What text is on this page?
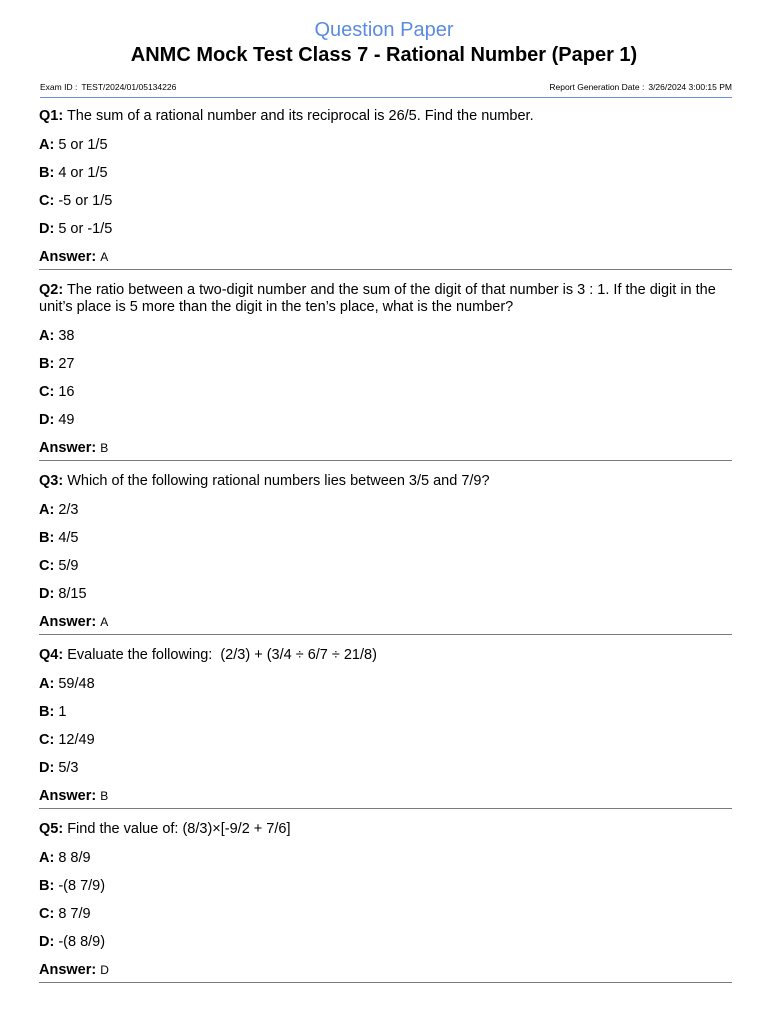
Question Paper

ANMC Mock Test Class 7 - Rational Number (Paper 1)

Exam ID : TEST/2024/01/05134226	Report Generation Date : 3/26/2024 3:00:15 PM

Q1: The sum of a rational number and its reciprocal is 26/5. Find the number.

A: 5 or 1/5

B: 4 or 1/5

C: -5 or 1/5

D: 5 or -1/5

Answer: A

Q2: The ratio between a two-digit number and the sum of the digit of that number is 3 : 1. If the digit in the unit’s place is 5 more than the digit in the ten’s place, what is the number?

A: 38

B: 27

C: 16

D: 49

Answer: B

Q3: Which of the following rational numbers lies between 3/5 and 7/9?

A: 2/3

B: 4/5

C: 5/9

D: 8/15

Answer: A

Q4: Evaluate the following:  (2/3) + (3/4 ÷ 6/7 ÷ 21/8)

A: 59/48

B: 1

C: 12/49

D: 5/3

Answer: B

Q5: Find the value of: (8/3)×[-9/2 + 7/6]

A: 8 8/9

B: -(8 7/9)

C: 8 7/9

D: -(8 8/9)

Answer: D
